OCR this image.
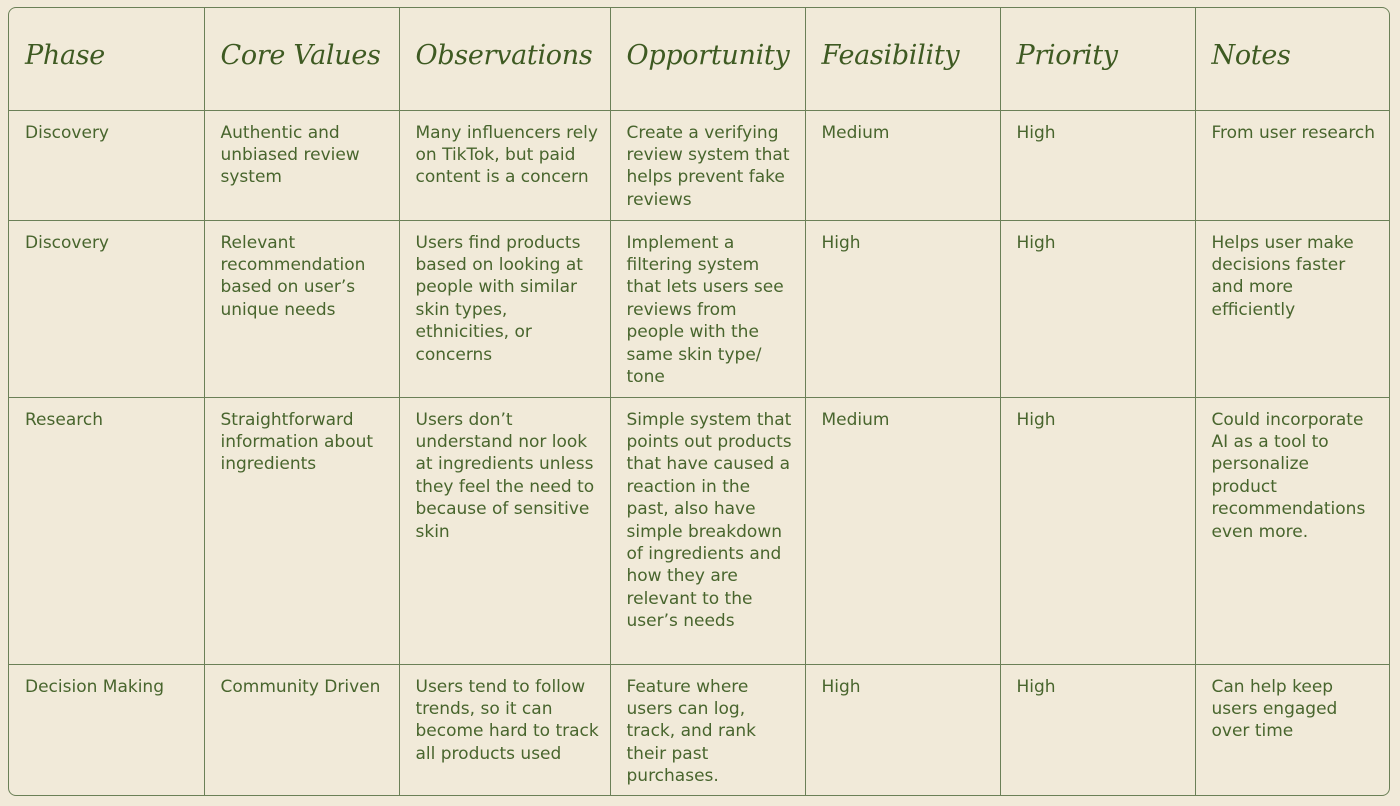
Phase	Core Values	Observations	Opportunity	Feasibility	Priority	Notes
Discovery	Authentic and unbiased review system	Many influencers rely on TikTok, but paid content is a concern	Create a verifying review system that helps prevent fake reviews	Medium	High	From user research
Discovery	Relevant recommendation based on user’s unique needs	Users find products based on looking at people with similar skin types, ethnicities, or concerns	Implement a filtering system that lets users see reviews from people with the same skin type/ tone	High	High	Helps user make decisions faster and more efficiently
Research	Straightforward information about ingredients	Users don’t understand nor look at ingredients unless they feel the need to because of sensitive skin	Simple system that points out products that have caused a reaction in the past, also have simple breakdown of ingredients and how they are relevant to the user’s needs	Medium	High	Could incorporate AI as a tool to personalize product recommendations even more.
Decision Making	Community Driven	Users tend to follow trends, so it can become hard to track all products used	Feature where users can log, track, and rank their past purchases.	High	High	Can help keep users engaged over time
